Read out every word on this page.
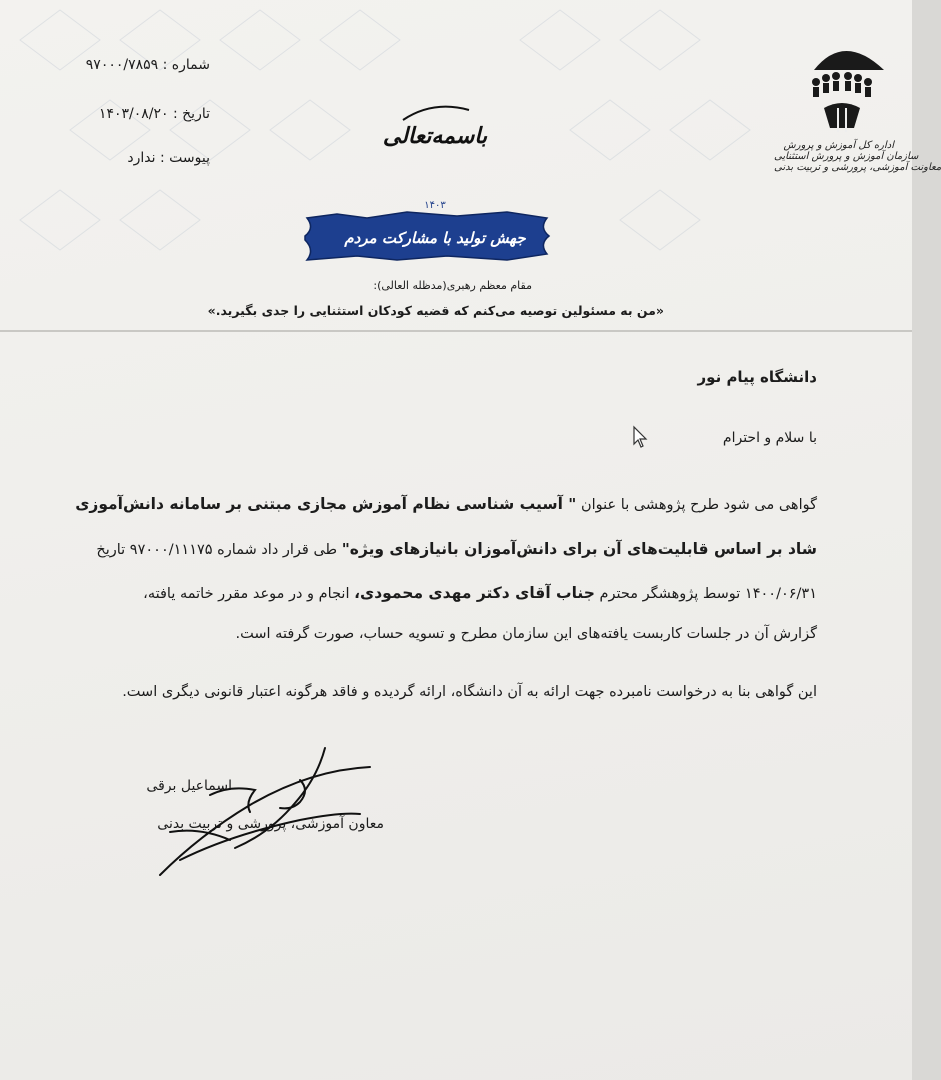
شماره : ۹۷۰۰۰/۷۸۵۹
تاریخ : ۱۴۰۳/۰۸/۲۰
پیوست : ندارد
باسمه‌تعالی
۱۴۰۳
جهش تولید با مشارکت مردم
اداره کل آموزش و پرورش
سازمان آموزش و پرورش استثنایی
معاونت آموزشی، پرورشی و تربیت بدنی
مقام معظم رهبری(مدظله العالی):
«من به مسئولین توصیه می‌کنم که قضیه کودکان استثنایی را جدی بگیرید.»
دانشگاه پیام نور
با سلام و احترام
گواهی می شود طرح پژوهشی با عنوان " آسیب شناسی نظام آموزش مجازی مبتنی بر سامانه دانش‌آموزی
شاد بر اساس قابلیت‌های آن برای دانش‌آموزان بانیازهای ویژه" طی قرار داد شماره ۹۷۰۰۰/۱۱۱۷۵ تاریخ
۱۴۰۰/۰۶/۳۱ توسط پژوهشگر محترم جناب آقای دکتر مهدی محمودی، انجام و در موعد مقرر خاتمه یافته،
گزارش آن در جلسات کاربست یافته‌های این سازمان مطرح و تسویه حساب، صورت گرفته است.
این گواهی بنا به درخواست نامبرده جهت ارائه به آن دانشگاه، ارائه گردیده و فاقد هرگونه اعتبار قانونی دیگری است.
اسماعیل برقی
معاون آموزشی، پرورشی و تربیت بدنی
